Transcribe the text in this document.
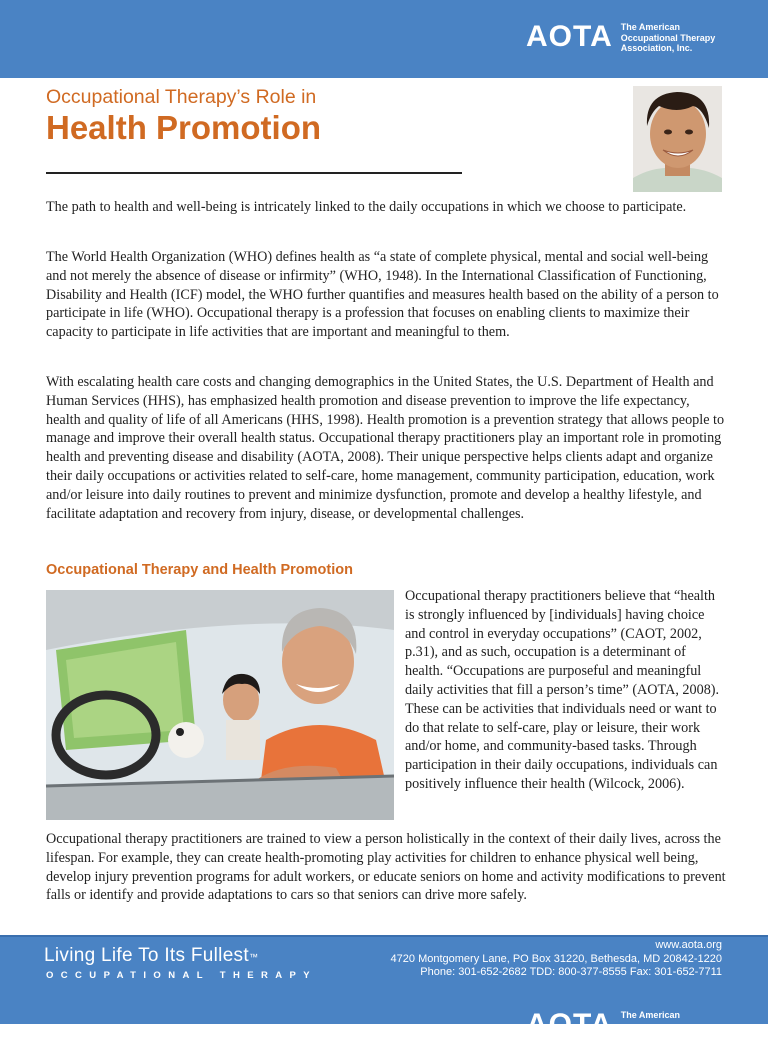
AOTA The American
Occupational Therapy
Association, Inc.
Occupational Therapy’s Role in
Health Promotion

The path to health and well-being is intricately linked to the daily occupations in which we choose to participate.

The World Health Organization (WHO) defines health as “a state of complete physical, mental and social well-being and not merely the absence of disease or infirmity” (WHO, 1948). In the International Classification of Functioning, Disability and Health (ICF) model, the WHO further quantifies and measures health based on the ability of a person to participate in life (WHO). Occupational therapy is a profession that focuses on enabling clients to maximize their capacity to participate in life activities that are important and meaningful to them.

With escalating health care costs and changing demographics in the United States, the U.S. Department of Health and Human Services (HHS), has emphasized health promotion and disease prevention to improve the life expectancy, health and quality of life of all Americans (HHS, 1998). Health promotion is a prevention strategy that allows people to manage and improve their overall health status. Occupational therapy practitioners play an important role in promoting health and preventing disease and disability (AOTA, 2008). Their unique perspective helps clients adapt and organize their daily occupations or activities related to self-care, home management, community participation, education, work and/or leisure into daily routines to prevent and minimize dysfunction, promote and develop a healthy lifestyle, and facilitate adaptation and recovery from injury, disease, or developmental challenges.

Occupational Therapy and Health Promotion

Occupational therapy practitioners believe that “health is strongly influenced by [individuals] having choice and control in everyday occupations” (CAOT, 2002, p.31), and as such, occupation is a determinant of health. “Occupations are purposeful and meaningful daily activities that fill a person’s time” (AOTA, 2008). These can be activities that individuals need or want to do that relate to self-care, play or leisure, their work and/or home, and community-based tasks. Through participation in their daily occupations, individuals can positively influence their health (Wilcock, 2006).

Occupational therapy practitioners are trained to view a person holistically in the context of their daily lives, across the lifespan. For example, they can create health-promoting play activities for children to enhance physical well being, develop injury prevention programs for adult workers, or educate seniors on home and activity modifications to prevent falls or identify and provide adaptations to cars so that seniors can drive more safely.

Living Life To Its Fullest™
OCCUPATIONAL THERAPY
www.aota.org
4720 Montgomery Lane, PO Box 31220, Bethesda, MD 20842-1220
Phone: 301-652-2682 TDD: 800-377-8555 Fax: 301-652-7711
AOTA The American
